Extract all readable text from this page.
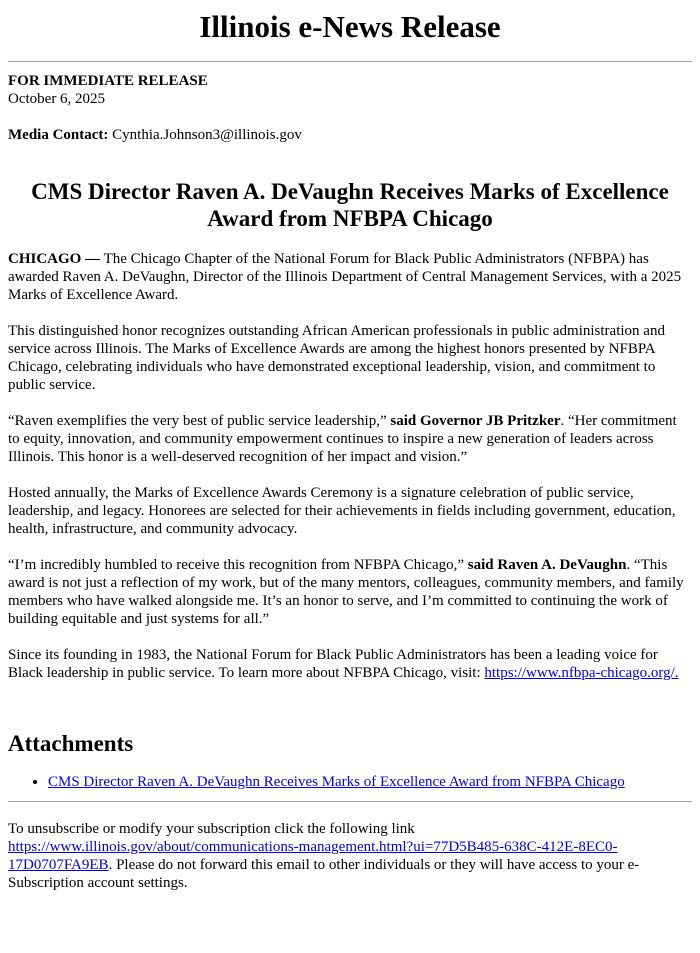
Illinois e-News Release

FOR IMMEDIATE RELEASE
October 6, 2025

Media Contact: Cynthia.Johnson3@illinois.gov

CMS Director Raven A. DeVaughn Receives Marks of Excellence Award from NFBPA Chicago

CHICAGO — The Chicago Chapter of the National Forum for Black Public Administrators (NFBPA) has awarded Raven A. DeVaughn, Director of the Illinois Department of Central Management Services, with a 2025 Marks of Excellence Award.

This distinguished honor recognizes outstanding African American professionals in public administration and service across Illinois. The Marks of Excellence Awards are among the highest honors presented by NFBPA Chicago, celebrating individuals who have demonstrated exceptional leadership, vision, and commitment to public service.

“Raven exemplifies the very best of public service leadership,” said Governor JB Pritzker. “Her commitment to equity, innovation, and community empowerment continues to inspire a new generation of leaders across Illinois. This honor is a well-deserved recognition of her impact and vision.”

Hosted annually, the Marks of Excellence Awards Ceremony is a signature celebration of public service, leadership, and legacy. Honorees are selected for their achievements in fields including government, education, health, infrastructure, and community advocacy.

“I’m incredibly humbled to receive this recognition from NFBPA Chicago,” said Raven A. DeVaughn. “This award is not just a reflection of my work, but of the many mentors, colleagues, community members, and family members who have walked alongside me. It’s an honor to serve, and I’m committed to continuing the work of building equitable and just systems for all.”

Since its founding in 1983, the National Forum for Black Public Administrators has been a leading voice for Black leadership in public service. To learn more about NFBPA Chicago, visit: https://www.nfbpa-chicago.org/.

Attachments
• CMS Director Raven A. DeVaughn Receives Marks of Excellence Award from NFBPA Chicago

To unsubscribe or modify your subscription click the following link https://www.illinois.gov/about/communications-management.html?ui=77D5B485-638C-412E-8EC0-17D0707FA9EB. Please do not forward this email to other individuals or they will have access to your e-Subscription account settings.
